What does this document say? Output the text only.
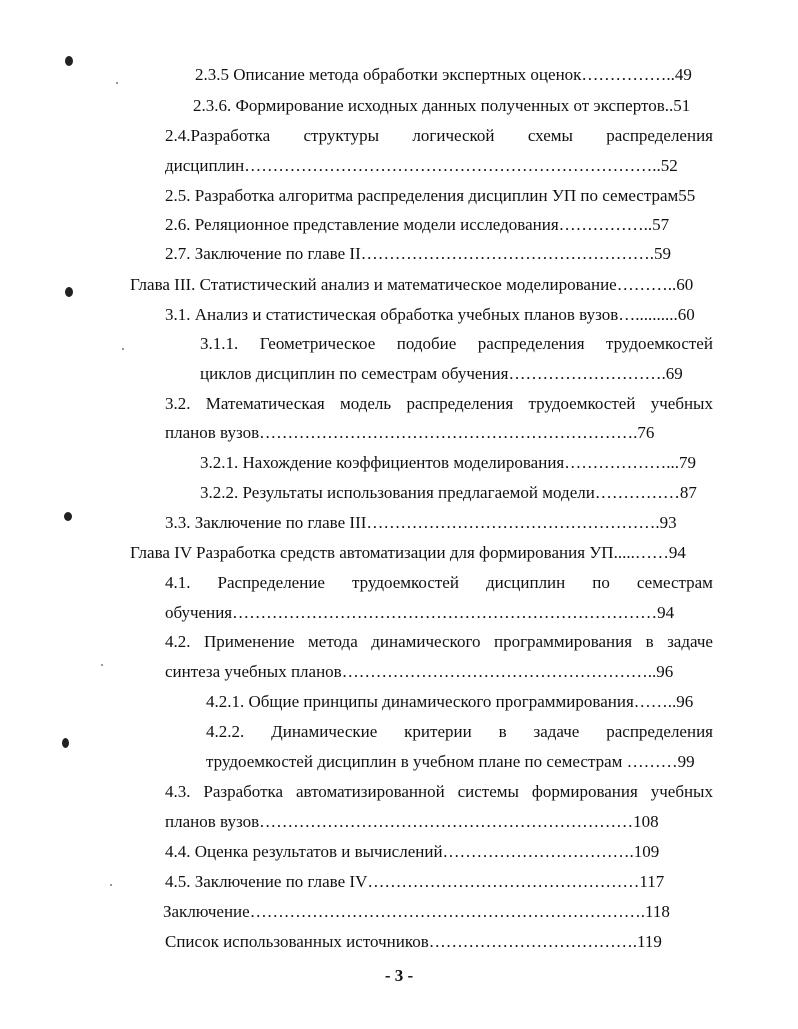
2.3.5 Описание метода обработки экспертных оценок……………..49
2.3.6. Формирование исходных данных полученных от экспертов..51
2.4.Разработка структуры логической схемы распределения
дисциплин………………………………………………………………..52
2.5. Разработка алгоритма распределения дисциплин УП по семестрам55
2.6. Реляционное представление модели исследования……………..57
2.7. Заключение по главе II…………………………………………….59
Глава III. Статистический анализ и математическое моделирование………..60
3.1. Анализ и статистическая обработка учебных планов вузов…..........60
3.1.1. Геометрическое подобие распределения трудоемкостей
циклов дисциплин по семестрам обучения……………………….69
3.2. Математическая модель распределения трудоемкостей учебных
планов вузов………………………………………………………….76
3.2.1. Нахождение коэффициентов моделирования………………...79
3.2.2. Результаты использования предлагаемой модели……………87
3.3. Заключение по главе III…………………………………………….93
Глава IV Разработка средств автоматизации для формирования УП.....……94
4.1. Распределение трудоемкостей дисциплин по семестрам
обучения…………………………………………………………………94
4.2. Применение метода динамического программирования в задаче
синтеза учебных планов………………………………………………..96
4.2.1. Общие принципы динамического программирования……..96
4.2.2. Динамические критерии в задаче распределения
трудоемкостей дисциплин в учебном плане по семестрам ………99
4.3. Разработка автоматизированной системы формирования учебных
планов вузов…………………………………………………………108
4.4. Оценка результатов и вычислений…………………………….109
4.5. Заключение по главе IV…………………………………………117
Заключение…………………………………………………………….118
Список использованных источников……………………………….119
- 3 -
